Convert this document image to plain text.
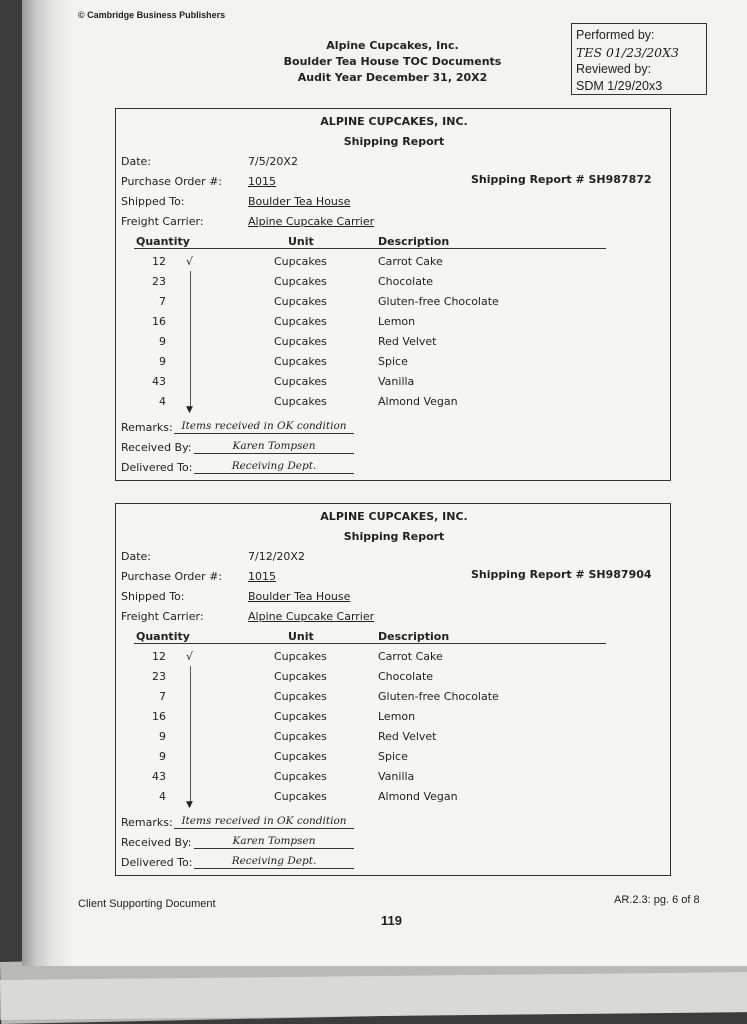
© Cambridge Business Publishers
Alpine Cupcakes, Inc.
Boulder Tea House TOC Documents
Audit Year December 31, 20X2
Performed by:
TES 01/23/20X3
Reviewed by:
SDM 1/29/20x3
ALPINE CUPCAKES, INC.
Shipping Report
Date:	7/5/20X2
Purchase Order #: 1015	Shipping Report # SH987872
Shipped To:	Boulder Tea House
Freight Carrier:	Alpine Cupcake Carrier
Quantity	Unit	Description
12	Cupcakes	Carrot Cake
23	Cupcakes	Chocolate
7	Cupcakes	Gluten-free Chocolate
16	Cupcakes	Lemon
9	Cupcakes	Red Velvet
9	Cupcakes	Spice
43	Cupcakes	Vanilla
4	Cupcakes	Almond Vegan
√
▼
Remarks: Items received in OK condition
Received By:	Karen Tompsen
Delivered To:	Receiving Dept.
ALPINE CUPCAKES, INC.
Shipping Report
Date:	7/12/20X2
Purchase Order #: 1015	Shipping Report # SH987904
Shipped To:	Boulder Tea House
Freight Carrier:	Alpine Cupcake Carrier
Quantity	Unit	Description
12	Cupcakes	Carrot Cake
23	Cupcakes	Chocolate
7	Cupcakes	Gluten-free Chocolate
16	Cupcakes	Lemon
9	Cupcakes	Red Velvet
9	Cupcakes	Spice
43	Cupcakes	Vanilla
4	Cupcakes	Almond Vegan
√
▼
Remarks: Items received in OK condition
Received By:	Karen Tompsen
Delivered To:	Receiving Dept.
Client Supporting Document	AR.2.3: pg. 6 of 8
119
